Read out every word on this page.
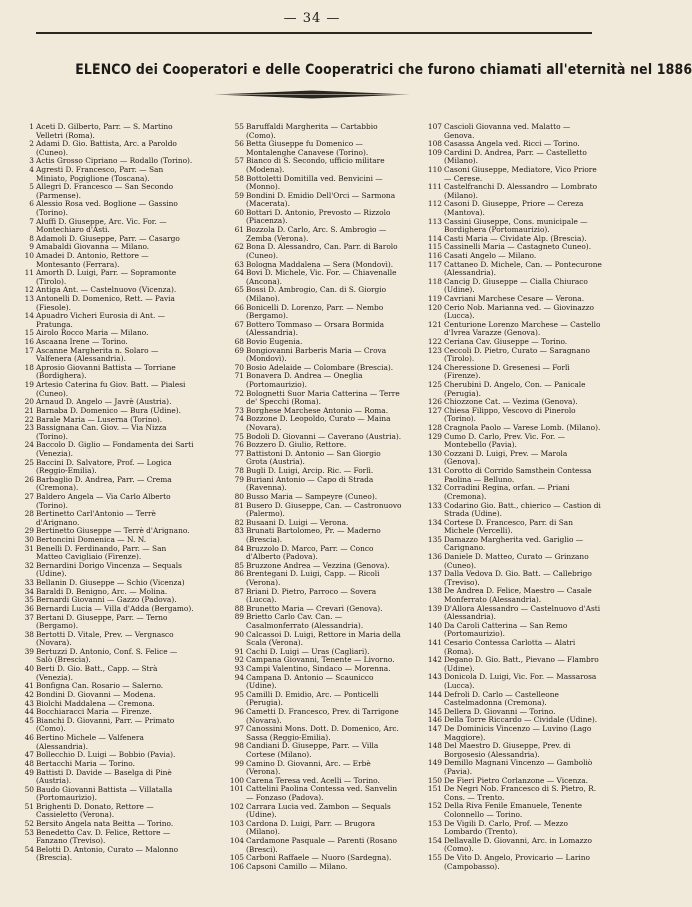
— 34 —
ELENCO dei Cooperatori e delle Cooperatrici che furono chiamati all'eternità nel 1886
1 Aceti D. Gilberto, Parr. — S. Martino Velletri (Roma).
2 Adami D. Gio. Battista, Arc. a Paroldo (Cuneo).
3 Actis Grosso Cipriano — Rodallo (Torino).
4 Agresti D. Francesco, Parr. — San Miniato, Pogiglione (Toscana).
5 Allegri D. Francesco — San Secondo (Parmense).
6 Alessio Rosa ved. Boglione — Gassino (Torino).
7 Aluffi D. Giuseppe, Arc. Vic. For. — Montechiaro d'Asti.
8 Adamoli D. Giuseppe, Parr. — Casargo
9 Amabaldi Giovanna — Milano.
10 Amadei D. Antonio, Rettore — Montesanto (Ferrara).
11 Amorth D. Luigi, Parr. — Sopramonte (Tirolo).
12 Antiga Ant. — Castelnuovo (Vicenza).
13 Antonelli D. Domenico, Rett. — Pavia (Fiesole).
14 Apuadro Vicheri Eurosia di Ant. — Pratunga.
15 Airolo Rocco Maria — Milano.
16 Ascaana Irene — Torino.
17 Ascanne Margherita n. Solaro — Valfenera (Alessandria).
18 Aprosio Giovanni Battista — Torriane (Bordighera).
19 Artesio Caterina fu Giov. Batt. — Pialesi (Cuneo).
20 Arnaud D. Angelo — Javrè (Austria).
21 Barnaba D. Domenico — Bura (Udine).
22 Barale Maria — Luserna (Torino).
23 Bassignana Can. Giov. — Via Nizza (Torino).
24 Baccolo D. Giglio — Fondamenta dei Sarti (Venezia).
25 Baccini D. Salvatore, Prof. — Logica (Reggio-Emilia).
26 Barbaglio D. Andrea, Parr. — Crema (Cremona).
27 Baldero Angela — Via Carlo Alberto (Torino).
28 Bertinetto Carl'Antonio — Terrè d'Arignano.
29 Bertinetto Giuseppe — Terrè d'Arignano.
30 Bertoncini Domenica — N. N.
31 Benelli D. Ferdinando, Parr. — San Matteo Cavigliaio (Firenze).
32 Bernardini Dorigo Vincenza — Sequals (Udine).
33 Bellanin D. Giuseppe — Schio (Vicenza)
34 Baraldi D. Benigno, Arc. — Molina.
35 Bernardi Giovanni — Gazzo (Padova).
36 Bernardi Lucia — Villa d'Adda (Bergamo).
37 Bertani D. Giuseppe, Parr. — Terno (Bergamo).
38 Bertotti D. Vitale, Prev. — Vergnasco (Novara).
39 Bertuzzi D. Antonio, Conf. S. Felice — Salò (Brescia).
40 Berti D. Gio. Batt., Capp. — Strà (Venezia).
41 Bonfigna Can. Rosario — Salerno.
42 Bondini D. Giovanni — Modena.
43 Biolchi Maddalena — Cremona.
44 Bocchiaracci Maria — Firenze.
45 Bianchi D. Giovanni, Parr. — Primato (Como).
46 Bertino Michele — Valfenera (Alessandria).
47 Bollecchio D. Luigi — Bobbio (Pavia).
48 Bertacchi Maria — Torino.
49 Battisti D. Davide — Baselga di Pinè (Austria).
50 Baudo Giovanni Battista — Villatalla (Portomaurizio).
51 Brighenti D. Donato, Rettore — Cassieletto (Verona).
52 Bersito Angela nata Beitta — Torino.
53 Benedetto Cav. D. Felice, Rettore — Fanzano (Treviso).
54 Belotti D. Antonio, Curato — Malonno (Brescia).
55 Baruffaldi Margherita — Cartabbio (Como).
56 Betta Giuseppe fu Domenico — Montalenghe Canavese (Torino).
57 Bianco di S. Secondo, ufficio militare (Modena).
58 Bottoletti Domitilla ved. Benvicini — (Monno).
59 Bondini D. Emidio Dell'Orci — Sarmona (Macerata).
60 Bottari D. Antonio, Prevosto — Rizzolo (Piacenza).
61 Bozzola D. Carlo, Arc. S. Ambrogio — Zemba (Verona).
62 Bona D. Alessandro, Can. Parr. di Barolo (Cuneo).
63 Bologna Maddalena — Sera (Mondovì).
64 Bovi D. Michele, Vic. For. — Chiavenalle (Ancona).
65 Bossi D. Ambrogio, Can. di S. Giorgio (Milano).
66 Bonicelli D. Lorenzo, Parr. — Nembo (Bergamo).
67 Bottero Tommaso — Orsara Bormida (Alessandria).
68 Bovio Eugenia.
69 Bongiovanni Barberis Maria — Crova (Mondovì).
70 Bosio Adelaide — Colombare (Brescia).
71 Bonavera D. Andrea — Oneglia (Portomaurizio).
72 Bolognetti Suor Maria Catterina — Terre de' Specchi (Roma).
73 Borghese Marchese Antonio — Roma.
74 Bozzone D. Leopoldo, Curato — Maina (Novara).
75 Bodoli D. Giovanni — Caverano (Austria).
76 Bozzero D. Giulio, Rettore.
77 Battistoni D. Antonio — San Giorgio Grota (Austria).
78 Bugli D. Luigi, Arcip. Ric. — Forlì.
79 Buriani Antonio — Capo di Strada (Ravenna).
80 Busso Maria — Sampeyre (Cuneo).
81 Busero D. Giuseppe, Can. — Castronuovo (Palermo).
82 Busaani D. Luigi — Verona.
83 Brunati Bartolomeo, Pr. — Maderno (Brescia).
84 Bruzzolo D. Marco, Parr. — Conco d'Alberto (Padova).
85 Bruzzone Andrea — Vezzina (Genova).
86 Brentegani D. Luigi, Capp. — Ricoli (Verona).
87 Briani D. Pietro, Parroco — Sovera (Lucca).
88 Brunetto Maria — Crevari (Genova).
89 Brietto Carlo Cav. Can. — Casalmonferrato (Alessandria).
90 Calcassoi D. Luigi, Rettore in Maria della Scala (Verona).
91 Cachi D. Luigi — Uras (Cagliari).
92 Campana Giovanni, Tenente — Livorno.
93 Campi Valentino, Sindaco — Morenna.
94 Campana D. Antonio — Scaunicco (Udine).
95 Camilli D. Emidio, Arc. — Ponticelli (Perugia).
96 Cametti D. Francesco, Prev. di Tarrigone (Novara).
97 Canossini Mons. Dott. D. Domenico, Arc. Sassa (Reggio-Emilia).
98 Candiani D. Giuseppe, Parr. — Villa Cortese (Milano).
99 Camino D. Giovanni, Arc. — Erbè (Verona).
100 Carena Teresa ved. Acelli — Torino.
101 Cattelini Paolina Contessa ved. Sanvelin — Fonzaso (Padova).
102 Carrara Lucia ved. Zambon — Sequals (Udine).
103 Cardona D. Luigi, Parr. — Brugora (Milano).
104 Cardamone Pasquale — Parenti (Rosano (Bresci).
105 Carboni Raffaele — Nuoro (Sardegna).
106 Capsoni Camillo — Milano.
107 Cascioli Giovanna ved. Malatto — Genova.
108 Casassa Angela ved. Ricci — Torino.
109 Cardini D. Andrea, Parr. — Castelletto (Milano).
110 Casoni Giuseppe, Mediatore, Vico Priore — Cerese.
111 Castelfranchi D. Alessandro — Lombrato (Milano).
112 Casoni D. Giuseppe, Priore — Cereza (Mantova).
113 Cassini Giuseppe, Cons. municipale — Bordighera (Portomaurizio).
114 Casti Maria — Cividate Alp. (Brescia).
115 Cassinelli Maria — Castagneto Cuneo).
116 Casati Angelo — Milano.
117 Cattaneo D. Michele, Can. — Pontecurone (Alessandria).
118 Cancig D. Giuseppe — Cialla Chiuraco (Udine).
119 Cavriani Marchese Cesare — Verona.
120 Cerio Nob. Marianna ved. — Giovinazzo (Lucca).
121 Centurione Lorenzo Marchese — Castello d'Ivrea Varazze (Genova).
122 Ceriana Cav. Giuseppe — Torino.
123 Ceccoli D. Pietro, Curato — Saragnano (Tirolo).
124 Cheressione D. Gresenesi — Forlì (Firenze).
125 Cherubini D. Angelo, Con. — Panicale (Perugia).
126 Chiozzone Cat. — Vezima (Genova).
127 Chiesa Filippo, Vescovo di Pinerolo (Torino).
128 Cragnola Paolo — Varese Lomb. (Milano).
129 Cumo D. Carlo, Prev. Vic. For. — Montebello (Pavia).
130 Cozzani D. Luigi, Prev. — Marola (Genova).
131 Corotto di Corrido Samsthein Contessa Paolina — Belluno.
132 Corradini Regina, orfan. — Priani (Cremona).
133 Codarino Gio. Batt., chierico — Castion di Strada (Udine).
134 Cortese D. Francesco, Parr. di San Michele (Vercelli).
135 Damazzo Margherita ved. Gariglio — Carignano.
136 Daniele D. Matteo, Curato — Grinzano (Cuneo).
137 Dalla Vedova D. Gio. Batt. — Callebrigo (Treviso).
138 De Andrea D. Felice, Maestro — Casale Monferrato (Alessandria).
139 D'Allora Alessandro — Castelnuovo d'Asti (Alessandria).
140 Da Caroli Catterina — San Remo (Portomaurizio).
141 Cesario Contessa Carlotta — Alatri (Roma).
142 Degano D. Gio. Batt., Pievano — Flambro (Udine).
143 Donicola D. Luigi, Vic. For. — Massarosa (Lucca).
144 Defroli D. Carlo — Castelleone Castelmadonna (Cremona).
145 Dellera D. Giovanni — Torino.
146 Della Torre Riccardo — Cividale (Udine).
147 De Dominicis Vincenzo — Luvino (Lago Maggiore).
148 Del Maestro D. Giuseppe, Prev. di Borgosesio (Alessandria).
149 Demillo Magnani Vincenzo — Gamboliò (Pavia).
150 De Fieri Pietro Corlanzone — Vicenza.
151 De Negri Nob. Francesco di S. Pietro, R. Cons. — Trento.
152 Della Riva Fenile Emanuele, Tenente Colonnello — Torino.
153 De Vigili D. Carlo, Prof. — Mezzo Lombardo (Trento).
154 Dellavalle D. Giovanni, Arc. in Lomazzo (Como).
155 De Vito D. Angelo, Provicario — Larino (Campobasso).
